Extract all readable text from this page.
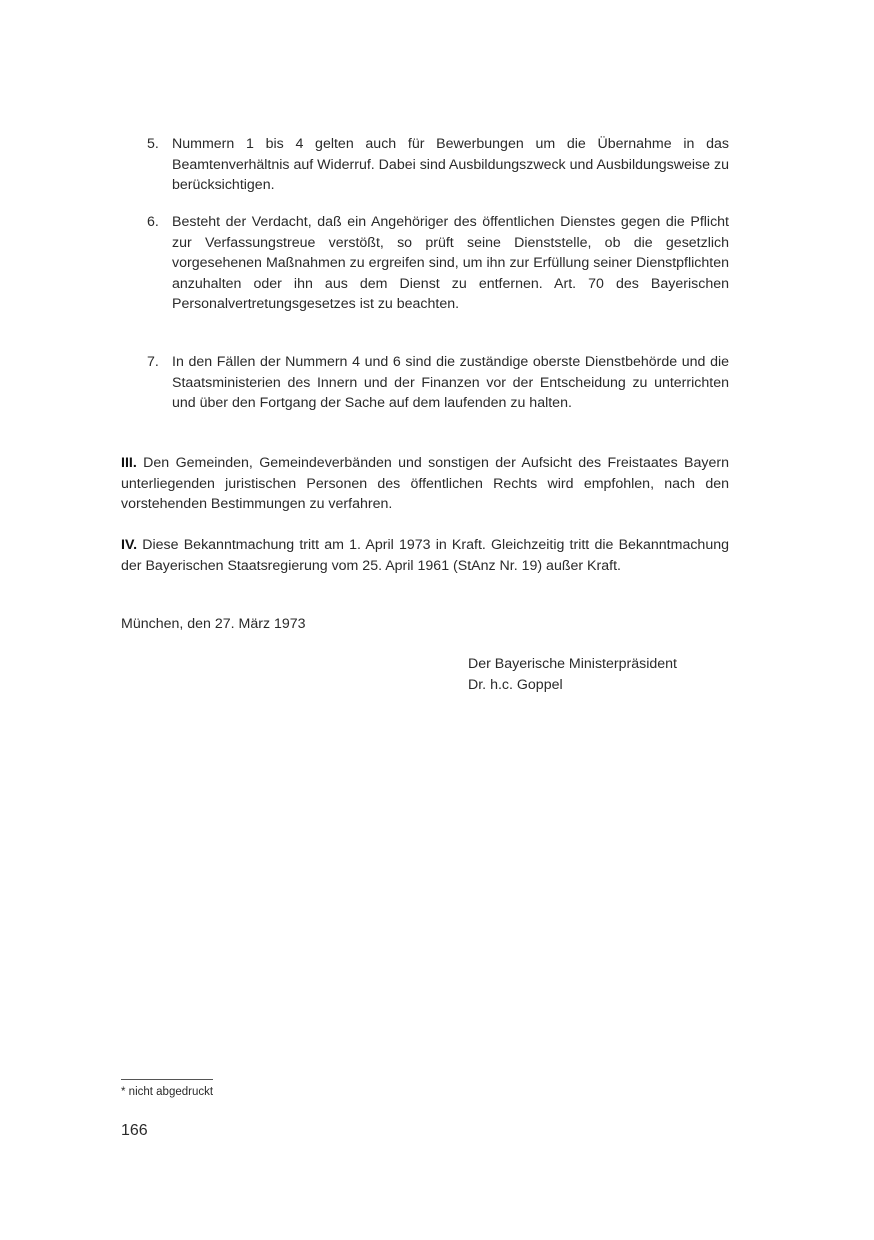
5. Nummern 1 bis 4 gelten auch für Bewerbungen um die Übernahme in das Beamtenverhältnis auf Widerruf. Dabei sind Ausbildungszweck und Ausbildungsweise zu berücksichtigen.
6. Besteht der Verdacht, daß ein Angehöriger des öffentlichen Dienstes gegen die Pflicht zur Verfassungstreue verstößt, so prüft seine Dienststelle, ob die gesetzlich vorgesehenen Maßnahmen zu ergreifen sind, um ihn zur Erfüllung seiner Dienstpflichten anzuhalten oder ihn aus dem Dienst zu entfernen. Art. 70 des Bayerischen Personalvertretungsgesetzes ist zu beachten.
7. In den Fällen der Nummern 4 und 6 sind die zuständige oberste Dienstbehörde und die Staatsministerien des Innern und der Finanzen vor der Entscheidung zu unterrichten und über den Fortgang der Sache auf dem laufenden zu halten.
III. Den Gemeinden, Gemeindeverbänden und sonstigen der Aufsicht des Freistaates Bayern unterliegenden juristischen Personen des öffentlichen Rechts wird empfohlen, nach den vorstehenden Bestimmungen zu verfahren.
IV. Diese Bekanntmachung tritt am 1. April 1973 in Kraft. Gleichzeitig tritt die Bekanntmachung der Bayerischen Staatsregierung vom 25. April 1961 (StAnz Nr. 19) außer Kraft.
München, den 27. März 1973
Der Bayerische Ministerpräsident
Dr. h.c. Goppel
* nicht abgedruckt
166
